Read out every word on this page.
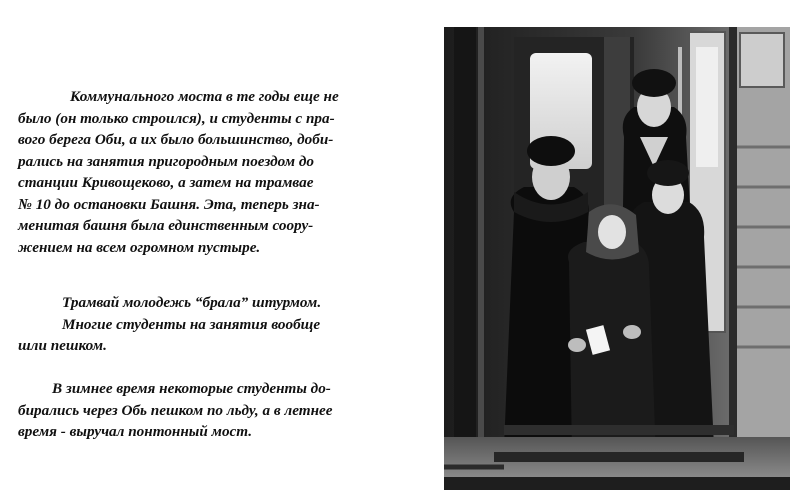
Коммунального моста в те годы еще не
было (он только строился), и студенты с пра-
вого берега Оби, а их было большинство, доби-
рались на занятия пригородным поездом до
станции Кривощеково, а затем на трамвае
№ 10 до остановки Башня. Эта, теперь зна-
менитая башня была единственным соору-
жением на всем огромном пустыре.

Трамвай молодежь “брала” штурмом.
Многие студенты на занятия вообще
шли пешком.

В зимнее время некоторые студенты до-
бирались через Обь пешком по льду, а в летнее
время - выручал понтонный мост.
